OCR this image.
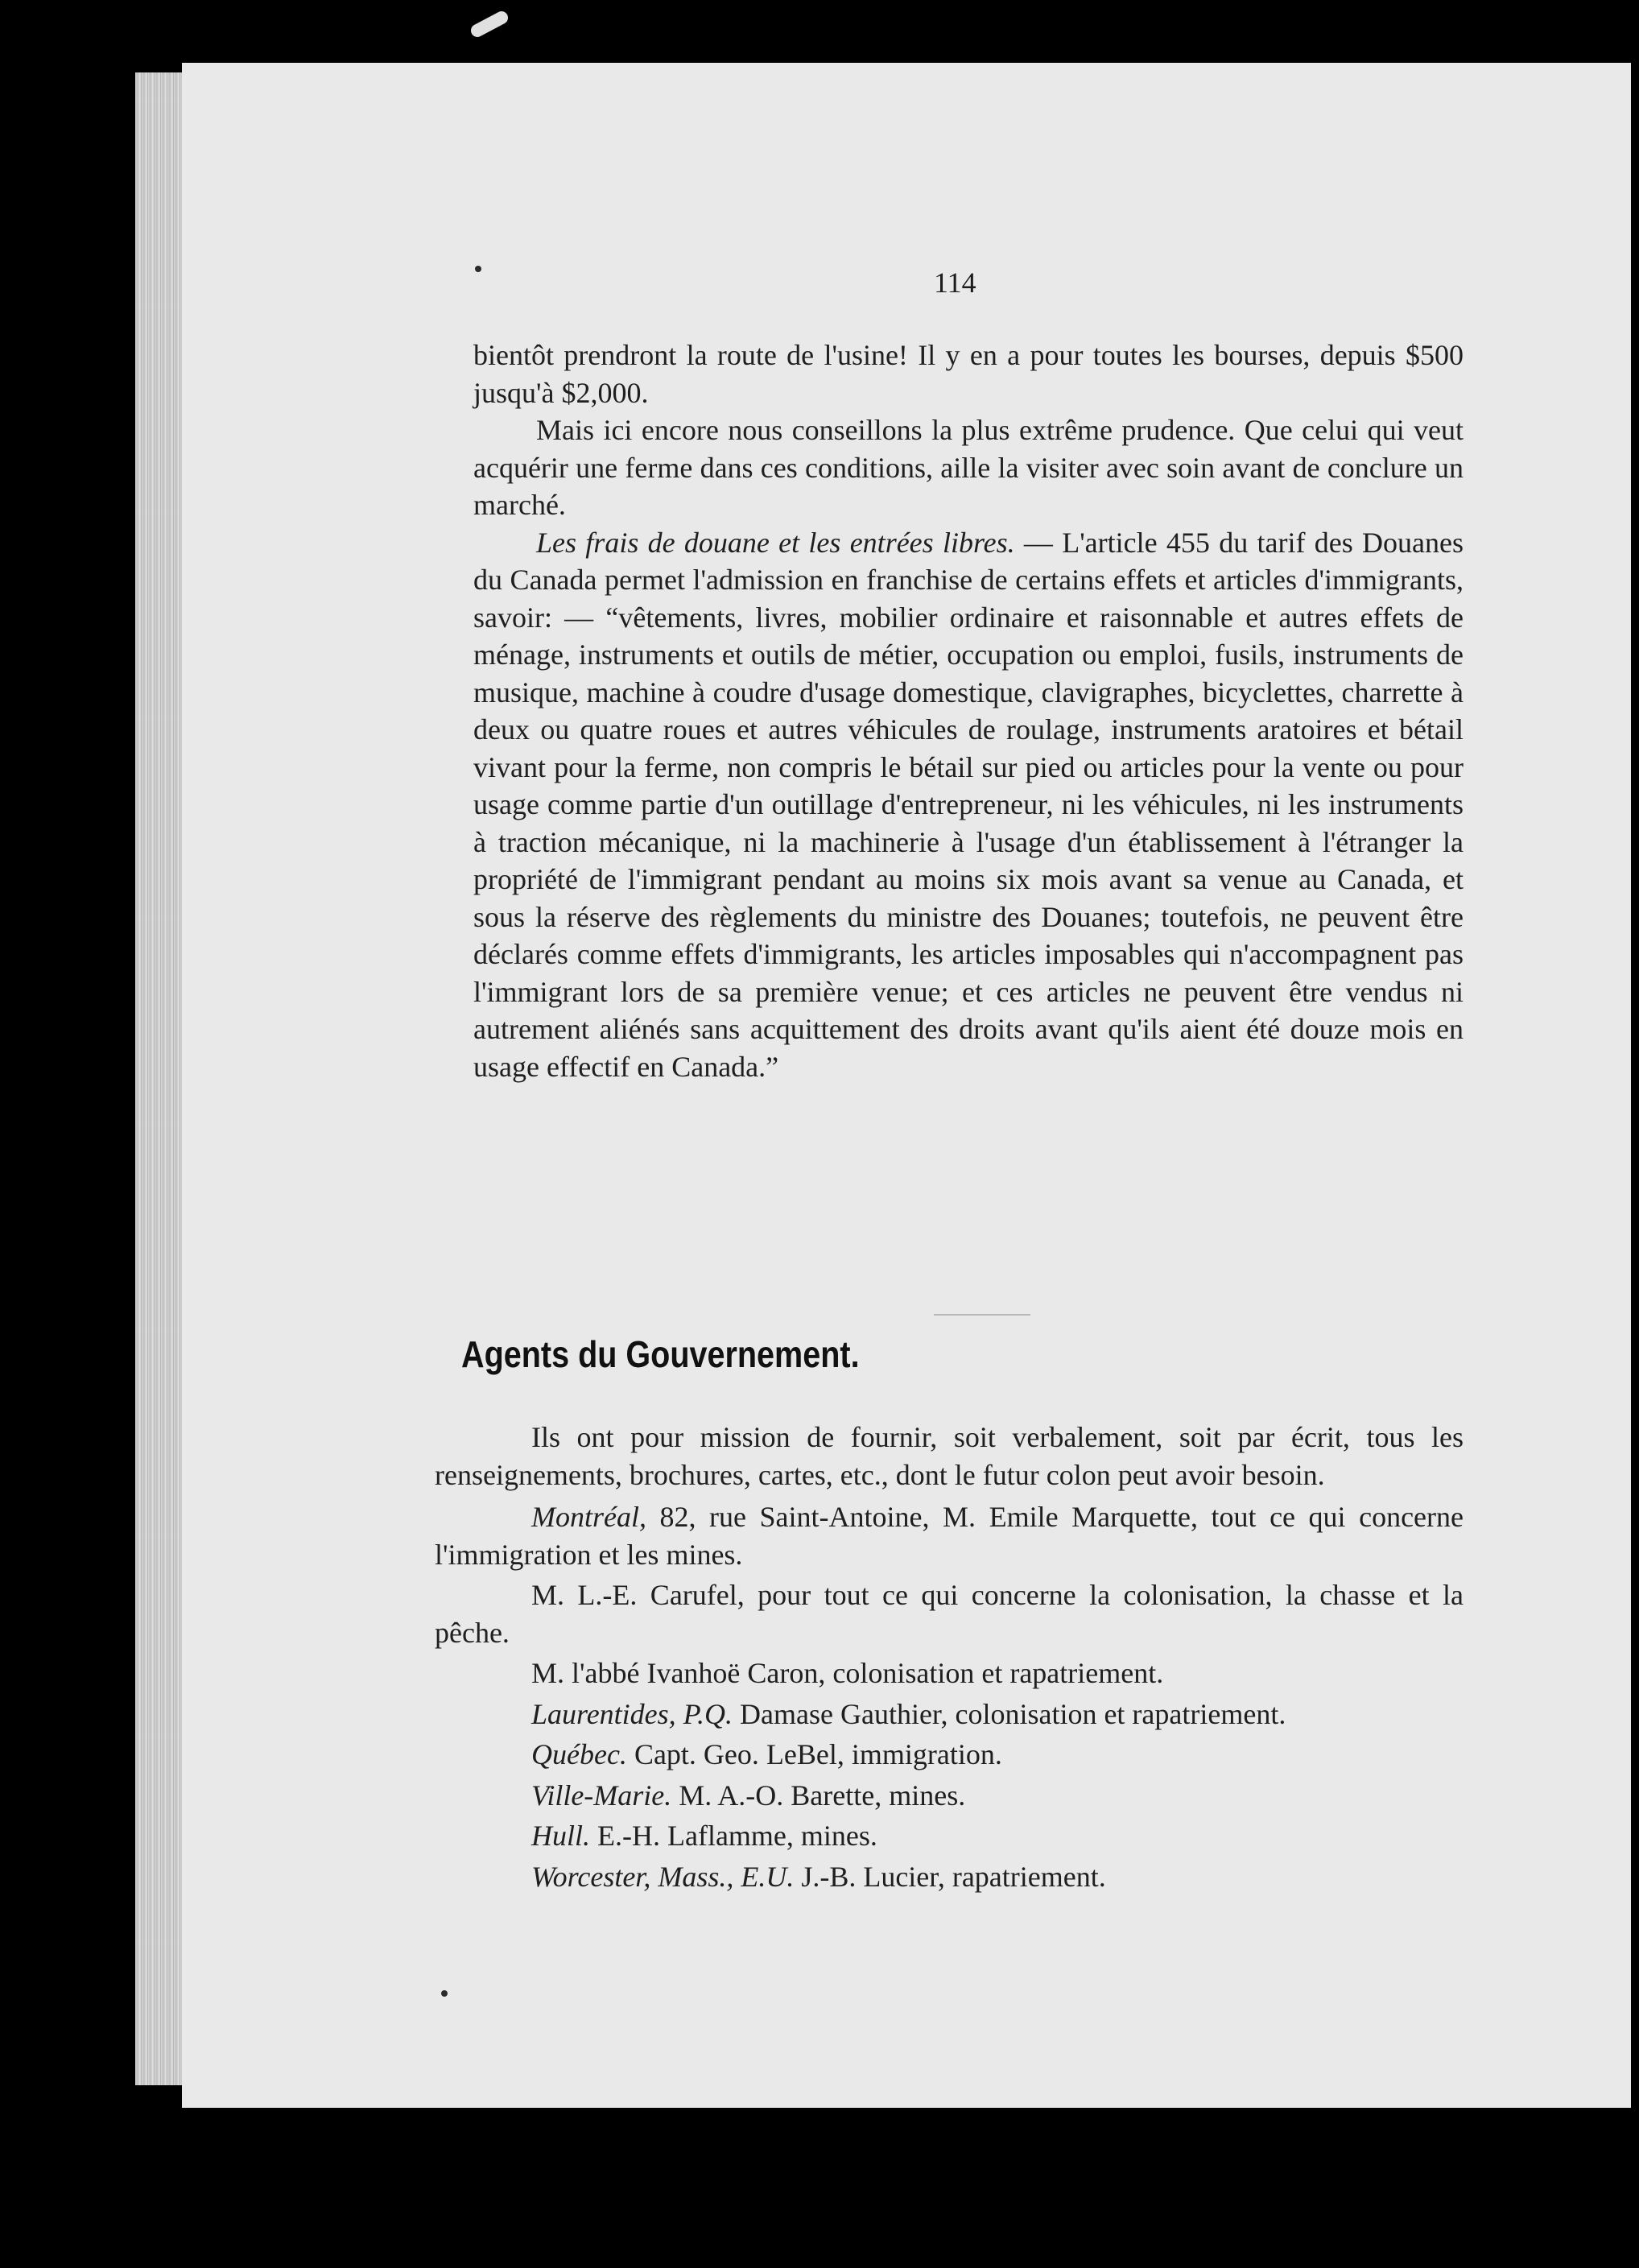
114

bientôt prendront la route de l'usine! Il y en a pour toutes les bourses, depuis $500 jusqu'à $2,000.

Mais ici encore nous conseillons la plus extrême prudence. Que celui qui veut acquérir une ferme dans ces conditions, aille la visiter avec soin avant de conclure un marché.

Les frais de douane et les entrées libres. — L'article 455 du tarif des Douanes du Canada permet l'admission en franchise de certains effets et articles d'immigrants, savoir: — “vêtements, livres, mobilier ordinaire et raisonnable et autres effets de ménage, instruments et outils de métier, occupation ou emploi, fusils, instruments de musique, machine à coudre d'usage domestique, clavigraphes, bicyclettes, charrette à deux ou quatre roues et autres véhicules de roulage, instruments aratoires et bétail vivant pour la ferme, non compris le bétail sur pied ou articles pour la vente ou pour usage comme partie d'un outillage d'entrepreneur, ni les véhicules, ni les instruments à traction mécanique, ni la machinerie à l'usage d'un établissement à l'étranger la propriété de l'immigrant pendant au moins six mois avant sa venue au Canada, et sous la réserve des règlements du ministre des Douanes; toutefois, ne peuvent être déclarés comme effets d'immigrants, les articles imposables qui n'accompagnent pas l'immigrant lors de sa première venue; et ces articles ne peuvent être vendus ni autrement aliénés sans acquittement des droits avant qu'ils aient été douze mois en usage effectif en Canada.”

Agents du Gouvernement.

Ils ont pour mission de fournir, soit verbalement, soit par écrit, tous les renseignements, brochures, cartes, etc., dont le futur colon peut avoir besoin.

Montréal, 82, rue Saint-Antoine, M. Emile Marquette, tout ce qui concerne l'immigration et les mines.

M. L.-E. Carufel, pour tout ce qui concerne la colonisation, la chasse et la pêche.

M. l'abbé Ivanhoë Caron, colonisation et rapatriement.

Laurentides, P.Q. Damase Gauthier, colonisation et rapatriement.

Québec. Capt. Geo. LeBel, immigration.

Ville-Marie. M. A.-O. Barette, mines.

Hull. E.-H. Laflamme, mines.

Worcester, Mass., E.U. J.-B. Lucier, rapatriement.
